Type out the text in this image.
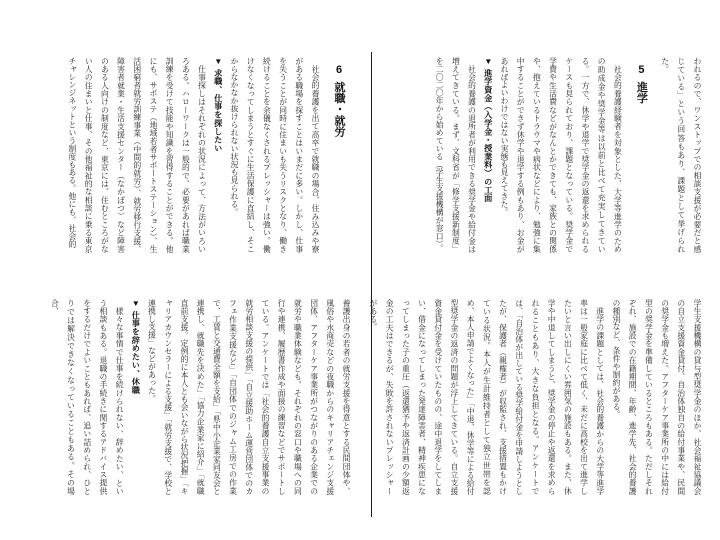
われるので、ワンストップでの相談支援が必要だと感じている」という回答もあり、課題として挙げられた。

5進学

社会的養護経験者を対象とした、大学等進学のための助成金や奨学金等は以前と比べて充実してきている。一方で、休学や退学で奨学金の返還を求められるケースも見られており、課題となっている。奨学金で学費や生活費などがなんとかできても、家族との関係や、抱えているトラウマや病状などにより、勉強に集中することができず休学や退学する例もあり、お金があればよいわけではない実態も見えてきた。

▼ 進学資金（入学金・授業料）の工面

社会的養護の退所者が利用できる奨学金や給付金は増えてきている。まず、文科省が「修学支援新制度」を二〇二〇年から始めている（学生支援機構が窓口）。

学生支援機構の貸与型奨学金のほか、社会福祉協議会の自立支援資金貸付、自治体独自の給付事業や、民間の奨学金も増えた。アフターケア事業所の中には給付型の奨学金を準備しているところもある。ただしそれぞれ、施設での在籍期間、年齢、進学先、社会的養護の種別など、条件や制約がある。

進学の課題としては、社会的養護からの大学等進学率は一般家庭に比べて低く、未だに高校を出て進学したいと言い出しにくい雰囲気の施設もある。また、休学や中退してしまうと、奨学金の停止や返還を求められることもあり、大きな負担となる。アンケートでは、「自治体が出している奨学給付金を申請しようとしたが、保護者（親権者）が収監され、支援措置もかけている状況。本人が生計維持者として独立世帯を認め、本人申請でよくなった」「中退、休学等による給付型奨学金の返済の問題が浮上してきている。自立支援資金貸付金を受けていたものの、途中退学をしてしまい、借金になってしまった発達障害者、精神疾患になってしまった子の重圧（返還猶予や返済計画の少額返金の工夫はできるが、失敗を許されないプレッシャーがある。

6就職・就労

社会的養護を出て高卒で就職の場合、住み込みや寮がある職場を探すことはいまだに多い。しかし、仕事を失うことが同時に住まいも失うリスクとなり、働き続けることを余儀なくされるプレッシャーは強い。働けなくなってしまうとすぐに生活保護に直結し、そこからなかなか抜けられない状況も見られる。

▼ 求職、仕事を探したい

仕事探しはそれぞれの状況によって、方法がいろいろある。ハローワークは一般的で、必要があれば職業訓練を受けて技能や知識を習得することができる。他にも、サポステ（地域若者サポートステーション）、生活困窮者就労訓練事業（中間的就労）、就労移行支援、障害者就業・生活支援センター（なかぽつ）など障害のある人向けの制度など、東京には、住むところがない人の住まいと仕事、その他福祉的な相談に乗る東京チャレンジネットという制度もある。他にも、社会的

養護出身の若者の就労支援を得意とする民間団体や、風俗や水商売などの夜職からのキャリアチェンジ支援団体、アフターケア事業所がつながりのある企業での就労や職業体験なども。それぞれの窓口や職場への同行や連携、履歴書作成や面接の練習などでサポートしている。アンケートでは「社会的養護自立支援事業の就労相談支援の提供」「自立援助ホーム運営団体でのカフェ作業支援など」「自団体でのジャム工房での作業で、工賃と交通費全額を支給」「県中小企業家同友会と連携し、就職先を決めた」「協力企業家に紹介」「就職直前支援。定例的に本人とも会いながら状況把握」「キャリアカウンセラーによる支援」「就労支援で、学校と連携し支援」などがあった。

▼ 仕事を辞めたい、休職

様々な事情で仕事を続けられない、辞めたい、という相談もある。退職の手続きに関するアドバイス提供をするだけでよいこともあれば、追い詰められ、ひとりでは解決できなくなっていることもある。その場合、
